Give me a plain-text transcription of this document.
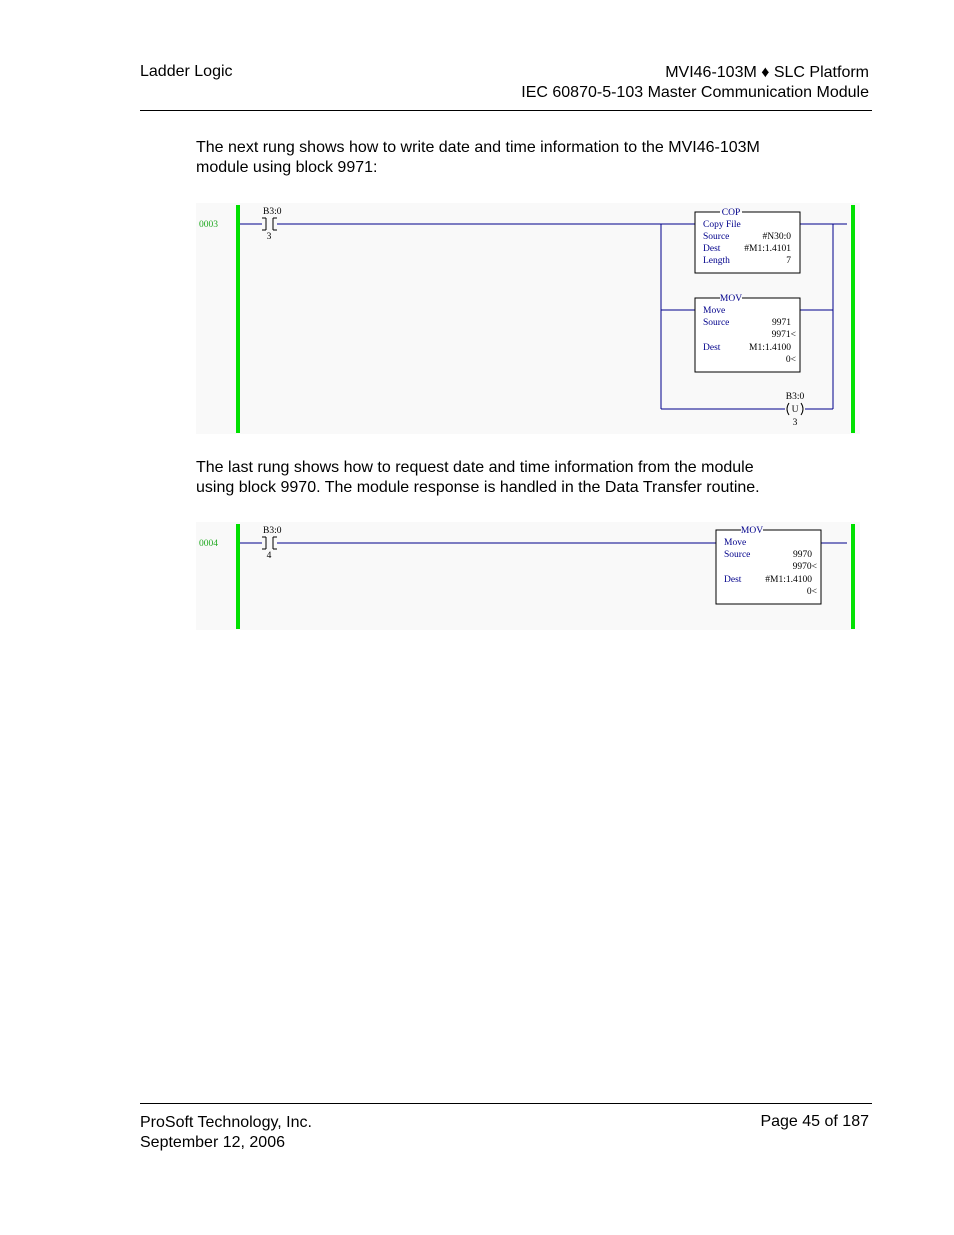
Ladder Logic	MVI46-103M ♦ SLC Platform
IEC 60870-5-103 Master Communication Module
The next rung shows how to write date and time information to the MVI46-103M
module using block 9971:
0003
B3:0
3
COP
Copy File
Source	#N30:0
Dest	#M1:1.4101
Length	7
MOV
Move
Source	9971
9971<
Dest	M1:1.4100
0<
B3:0
U
3
The last rung shows how to request date and time information from the module
using block 9970. The module response is handled in the Data Transfer routine.
0004
B3:0
4
MOV
Move
Source	9970
9970<
Dest	#M1:1.4100
0<
ProSoft Technology, Inc.
September 12, 2006
Page 45 of 187
